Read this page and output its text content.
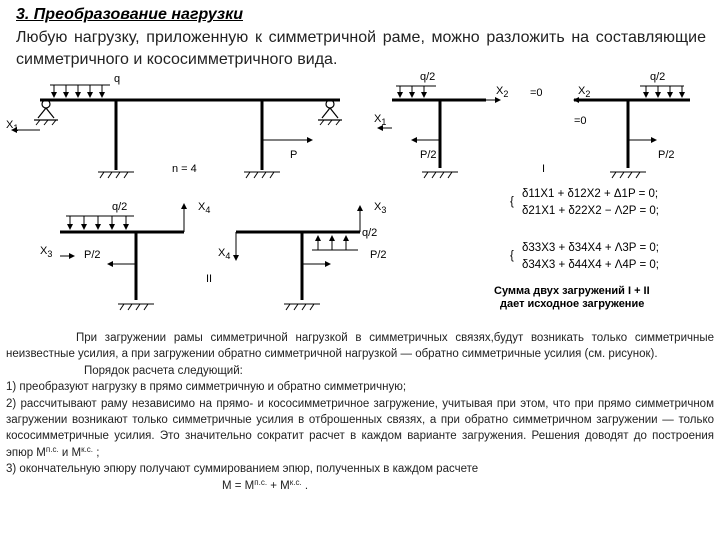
3. Преобразование нагрузки
Любую нагрузку, приложенную к симметричной раме, можно разложить на составляющие симметричного и кососимметричного вида.
q
$X_1$
P
n = 4
q/2	q/2
$X_2 =0$	$X_2$
=0
$X_1$
P/2	P/2
I
q/2
q/2
$X_4$
$X_4$
$X_3$
$X_3$
P/2	P/2
II
{
δ11X1 + δ12X2 + Δ1P = 0;
δ21X1 + δ22X2 − Λ2P = 0;
{
δ33X3 + δ34X4 + Λ3P = 0;
δ34X3 + δ44X4 + Λ4P = 0;
Сумма двух загружений I + II
дает исходное загружение

При загружении рамы симметричной нагрузкой в симметричных связях,будут возникать только симметричные неизвестные усилия, а при загружении обратно симметричной нагрузкой — обратно симметричные усилия (см. рисунок).

Порядок расчета следующий:

1) преобразуют нагрузку в прямо симметричную и обратно симметричную;

2) рассчитывают раму независимо на прямо- и кососимметричное загружение, учитывая при этом, что при прямо симметричном загружении возникают только симметричные усилия в отброшенных связях, а при обратно симметричном загружении — только кососимметричные усилия. Это значительно сократит расчет в каждом варианте загружения. Решения доводят до построения эпюр $M^{п.с.}$ и $M^{к.с.}$ ;

3) окончательную эпюру получают суммированием эпюр, полученных в каждом расчете

$M = M^{п.с.} + M^{к.с.}$ .
